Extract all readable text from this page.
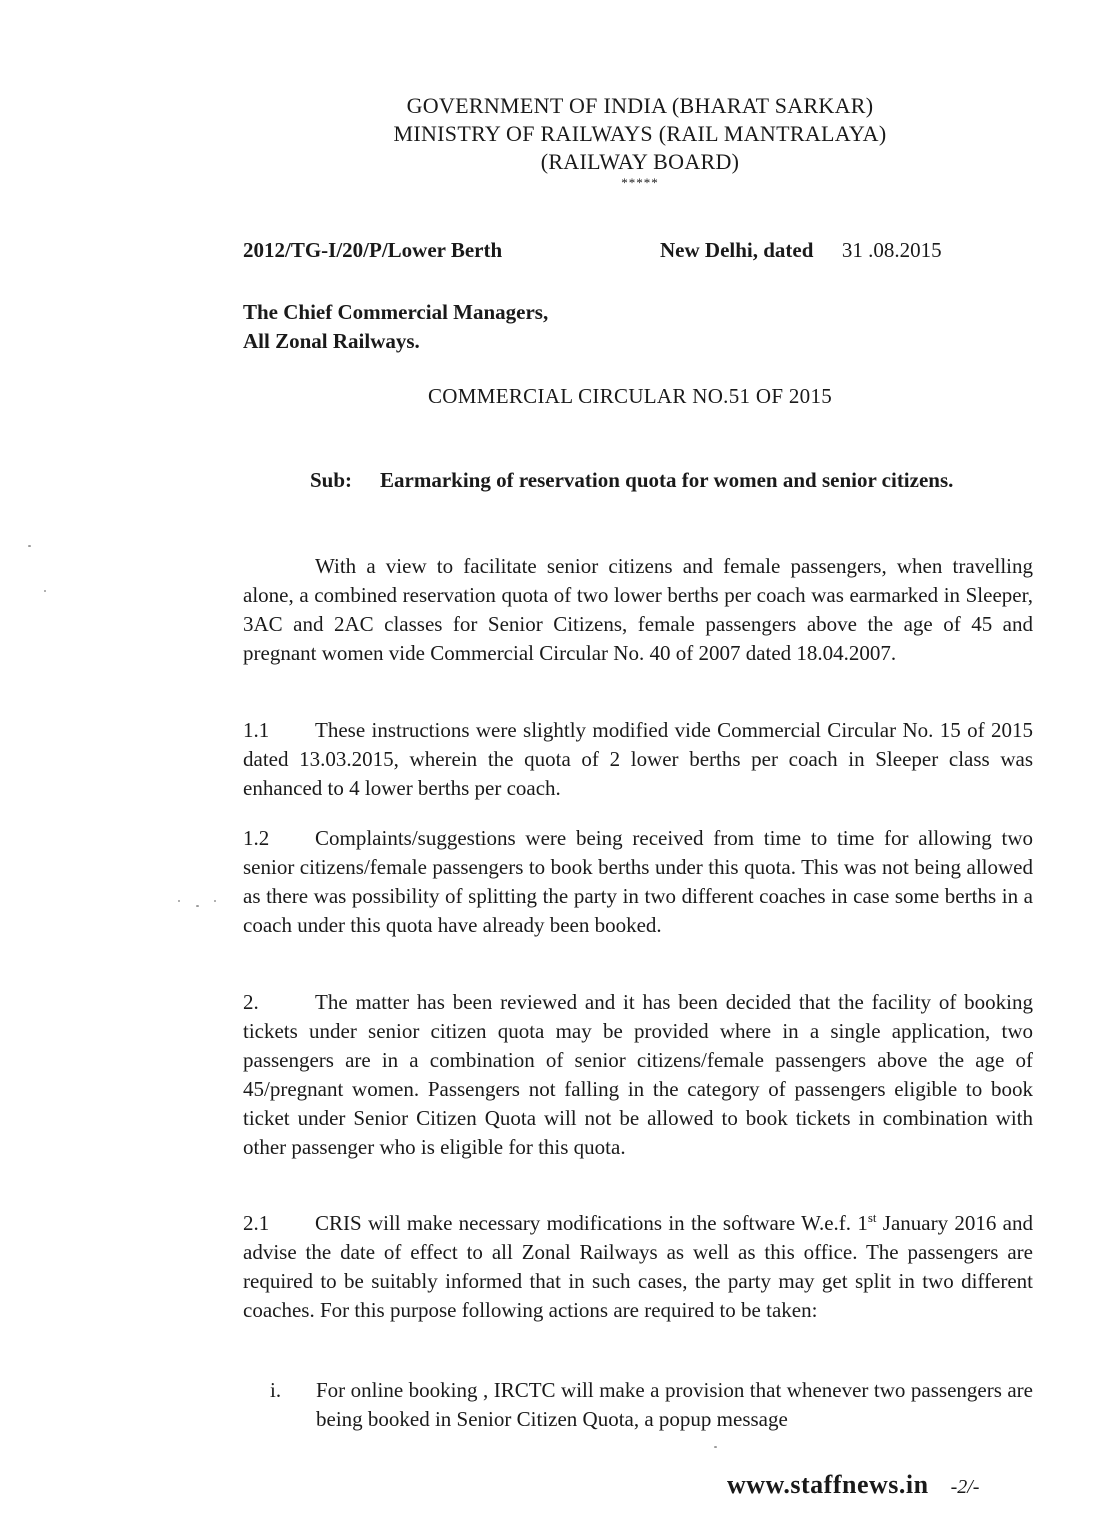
GOVERNMENT OF INDIA (BHARAT SARKAR)
MINISTRY OF RAILWAYS (RAIL MANTRALAYA)
(RAILWAY BOARD)
*****
2012/TG-I/20/P/Lower Berth	New Delhi, dated 31 .08.2015
The Chief Commercial Managers,
All Zonal Railways.
COMMERCIAL CIRCULAR NO.51 OF 2015
Sub: Earmarking of reservation quota for women and senior citizens.
With a view to facilitate senior citizens and female passengers, when travelling alone, a combined reservation quota of two lower berths per coach was earmarked in Sleeper, 3AC and 2AC classes for Senior Citizens, female passengers above the age of 45 and pregnant women vide Commercial Circular No. 40 of 2007 dated 18.04.2007.
1.1 These instructions were slightly modified vide Commercial Circular No. 15 of 2015 dated 13.03.2015, wherein the quota of 2 lower berths per coach in Sleeper class was enhanced to 4 lower berths per coach.
1.2 Complaints/suggestions were being received from time to time for allowing two senior citizens/female passengers to book berths under this quota. This was not being allowed as there was possibility of splitting the party in two different coaches in case some berths in a coach under this quota have already been booked.
2.	The matter has been reviewed and it has been decided that the facility of booking tickets under senior citizen quota may be provided where in a single application, two passengers are in a combination of senior citizens/female passengers above the age of 45/pregnant women. Passengers not falling in the category of passengers eligible to book ticket under Senior Citizen Quota will not be allowed to book tickets in combination with other passenger who is eligible for this quota.
2.1 CRIS will make necessary modifications in the software W.e.f. 1st January 2016 and advise the date of effect to all Zonal Railways as well as this office. The passengers are required to be suitably informed that in such cases, the party may get split in two different coaches. For this purpose following actions are required to be taken:
i.	For online booking , IRCTC will make a provision that whenever two passengers are being booked in Senior Citizen Quota, a popup message
www.staffnews.in -2/-
